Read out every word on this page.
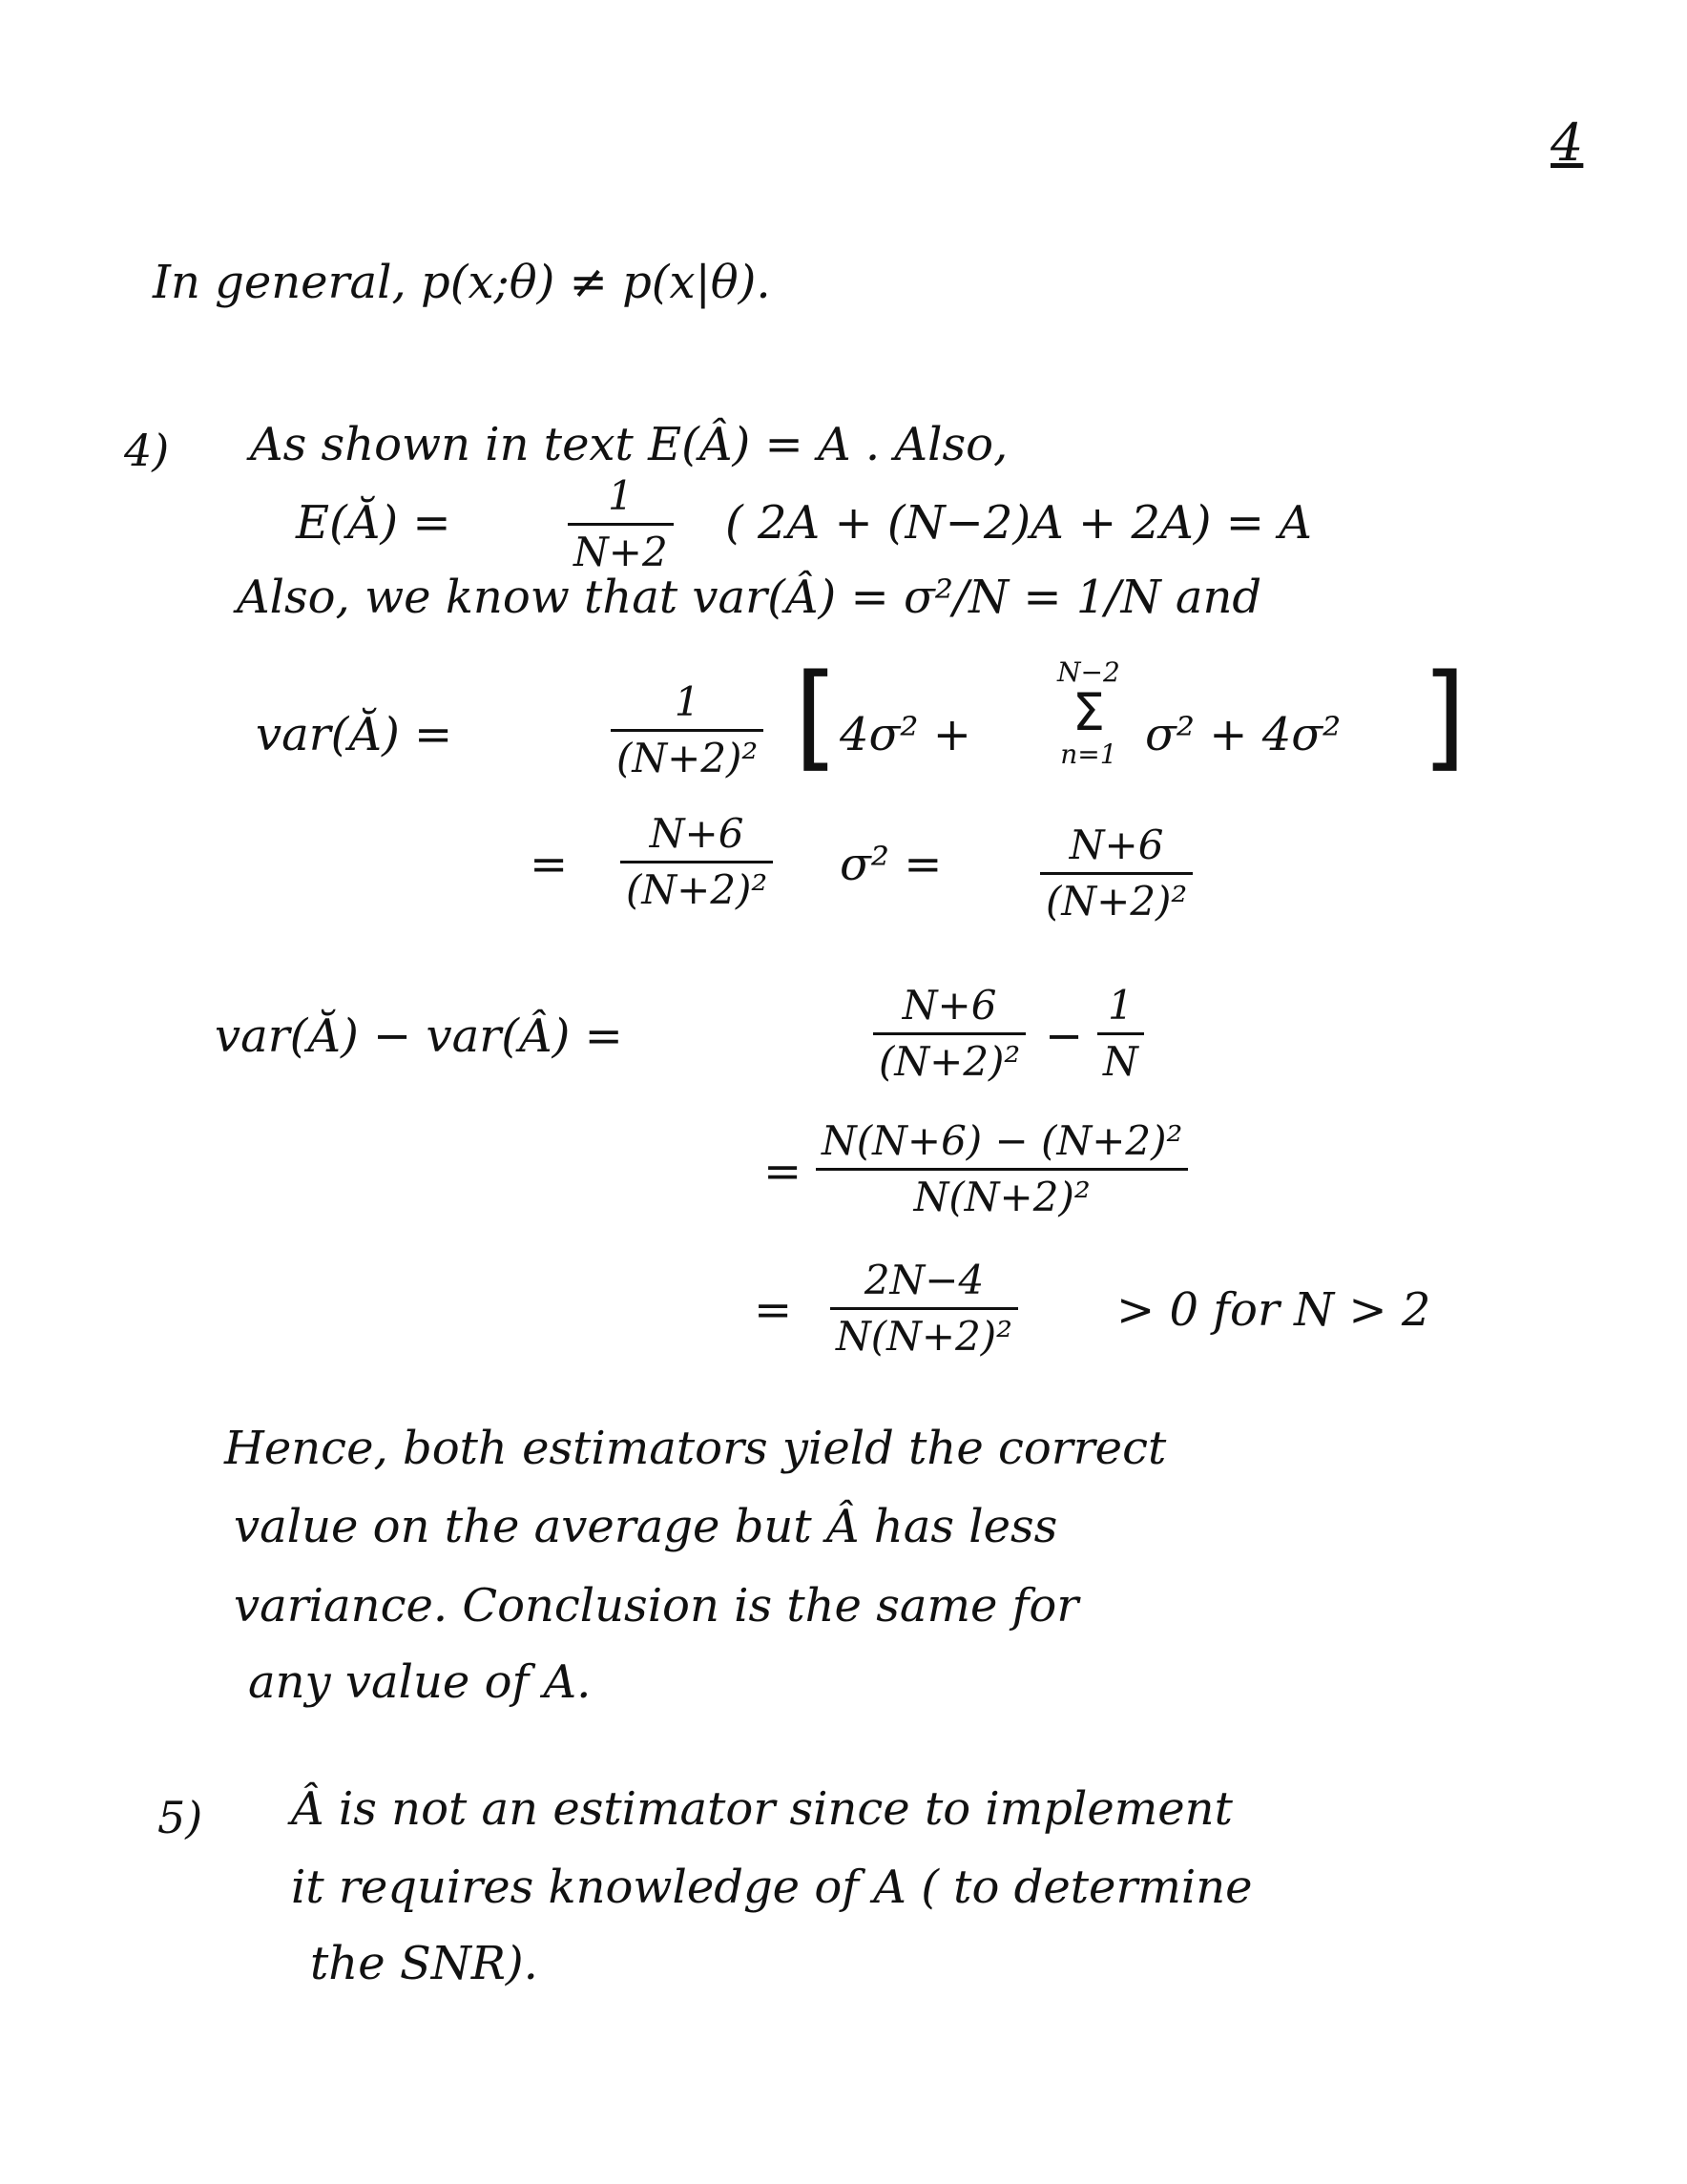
4
In general, p(x;θ) ≠ p(x|θ).
4) As shown in text E(Â) = A . Also,
E(Ă) =
1
N+2
( 2A + (N−2)A + 2A) = A
Also, we know that var(Â) = σ²/N = 1/N and
var(Ă) =
1
(N+2)² [ 4σ² +
N−2
Σ
n=1 σ² + 4σ² ]
=
N+6
(N+2)² σ² =	N+6
(N+2)²
var(Ă) − var(Â) =
N+6
(N+2)² −
1
N
=
N(N+6) − (N+2)²
N(N+2)²
=
2N−4
N(N+2)² > 0 for N > 2
Hence, both estimators yield the correct
value on the average but Â has less
variance. Conclusion is the same for
any value of A.
5) Â is not an estimator since to implement
it requires knowledge of A ( to determine
the SNR).
